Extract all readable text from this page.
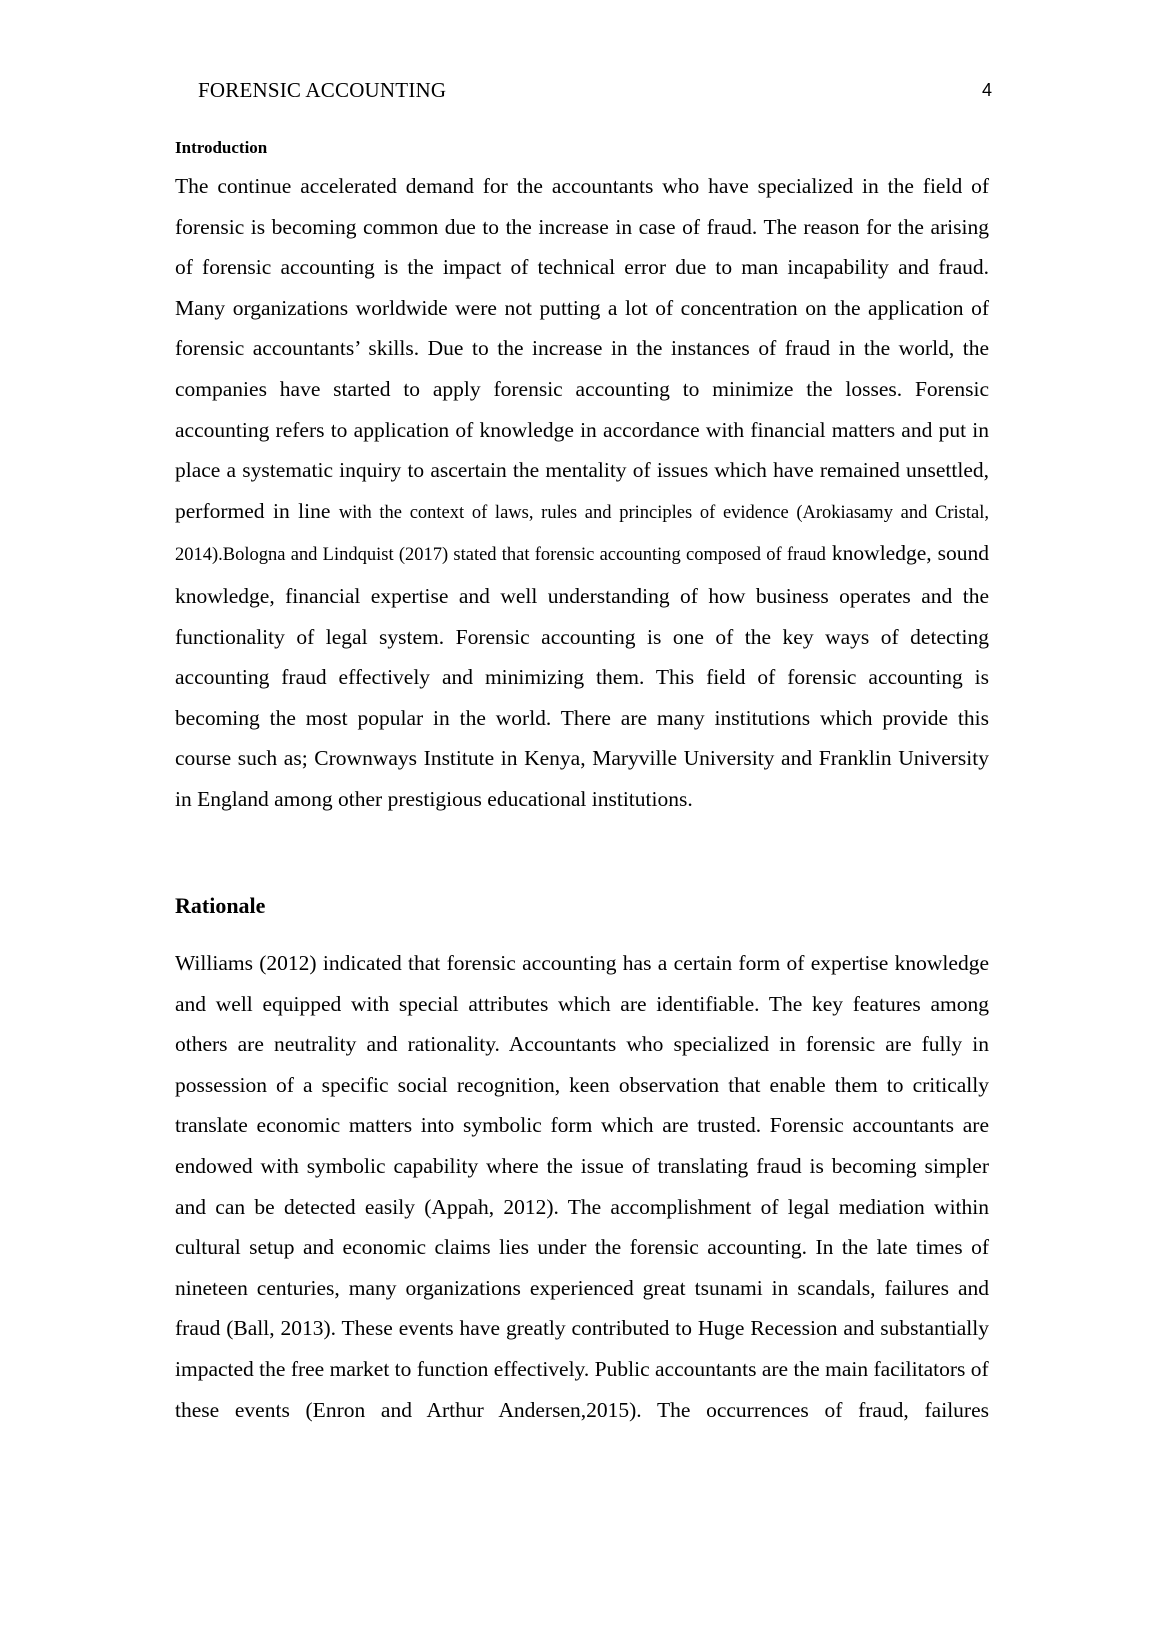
FORENSIC ACCOUNTING	4
Introduction

The continue accelerated demand for the accountants who have specialized in the field of forensic is becoming common due to the increase in case of fraud. The reason for the arising of forensic accounting is the impact of technical error due to man incapability and fraud. Many organizations worldwide were not putting a lot of concentration on the application of forensic accountants’ skills. Due to the increase in the instances of fraud in the world, the companies have started to apply forensic accounting to minimize the losses. Forensic accounting refers to application of knowledge in accordance with financial matters and put in place a systematic inquiry to ascertain the mentality of issues which have remained unsettled, performed in line with the context of laws, rules and principles of evidence (Arokiasamy and Cristal, 2014).Bologna and Lindquist (2017) stated that forensic accounting composed of fraud knowledge, sound knowledge, financial expertise and well understanding of how business operates and the functionality of legal system. Forensic accounting is one of the key ways of detecting accounting fraud effectively and minimizing them. This field of forensic accounting is becoming the most popular in the world. There are many institutions which provide this course such as; Crownways Institute in Kenya, Maryville University and Franklin University in England among other prestigious educational institutions.

Rationale

Williams (2012) indicated that forensic accounting has a certain form of expertise knowledge and well equipped with special attributes which are identifiable. The key features among others are neutrality and rationality. Accountants who specialized in forensic are fully in possession of a specific social recognition, keen observation that enable them to critically translate economic matters into symbolic form which are trusted. Forensic accountants are endowed with symbolic capability where the issue of translating fraud is becoming simpler and can be detected easily (Appah, 2012). The accomplishment of legal mediation within cultural setup and economic claims lies under the forensic accounting. In the late times of nineteen centuries, many organizations experienced great tsunami in scandals, failures and fraud (Ball, 2013). These events have greatly contributed to Huge Recession and substantially impacted the free market to function effectively. Public accountants are the main facilitators of
these events (Enron and Arthur Andersen,2015). The occurrences of fraud, failures
